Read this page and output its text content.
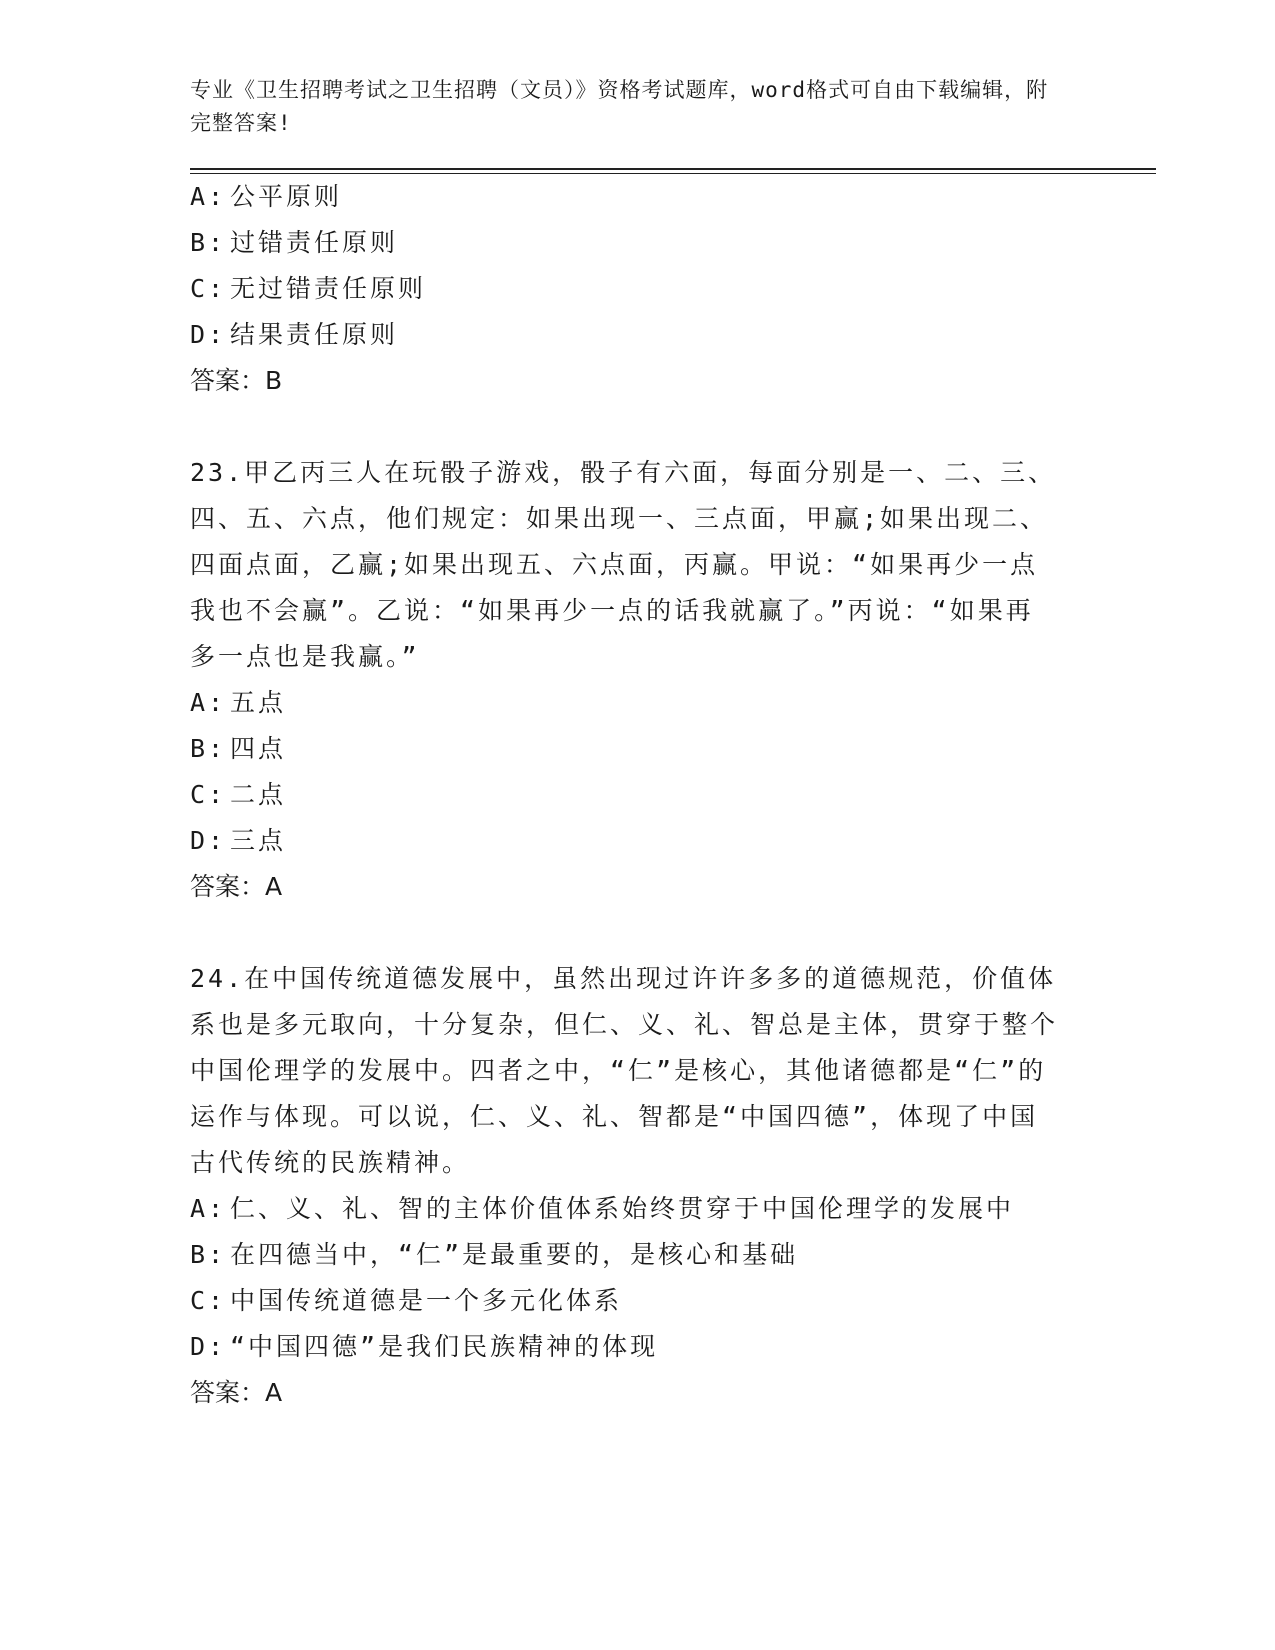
专业《卫生招聘考试之卫生招聘（文员）》资格考试题库，word格式可自由下载编辑，附完整答案!

A: 公平原则

B: 过错责任原则

C: 无过错责任原则

D: 结果责任原则

答案：B

23.甲乙丙三人在玩骰子游戏，骰子有六面，每面分别是一、二、三、四、五、六点，他们规定：如果出现一、三点面，甲赢;如果出现二、四面点面，乙赢;如果出现五、六点面，丙赢。甲说：“如果再少一点我也不会赢”。乙说：“如果再少一点的话我就赢了。”丙说：“如果再多一点也是我赢。”

A: 五点

B: 四点

C: 二点

D: 三点

答案：A

24.在中国传统道德发展中，虽然出现过许许多多的道德规范，价值体系也是多元取向，十分复杂，但仁、义、礼、智总是主体，贯穿于整个中国伦理学的发展中。四者之中，“仁”是核心，其他诸德都是“仁”的运作与体现。可以说，仁、义、礼、智都是“中国四德”，体现了中国古代传统的民族精神。

A: 仁、义、礼、智的主体价值体系始终贯穿于中国伦理学的发展中

B: 在四德当中，“仁”是最重要的，是核心和基础

C: 中国传统道德是一个多元化体系

D: “中国四德”是我们民族精神的体现

答案：A
